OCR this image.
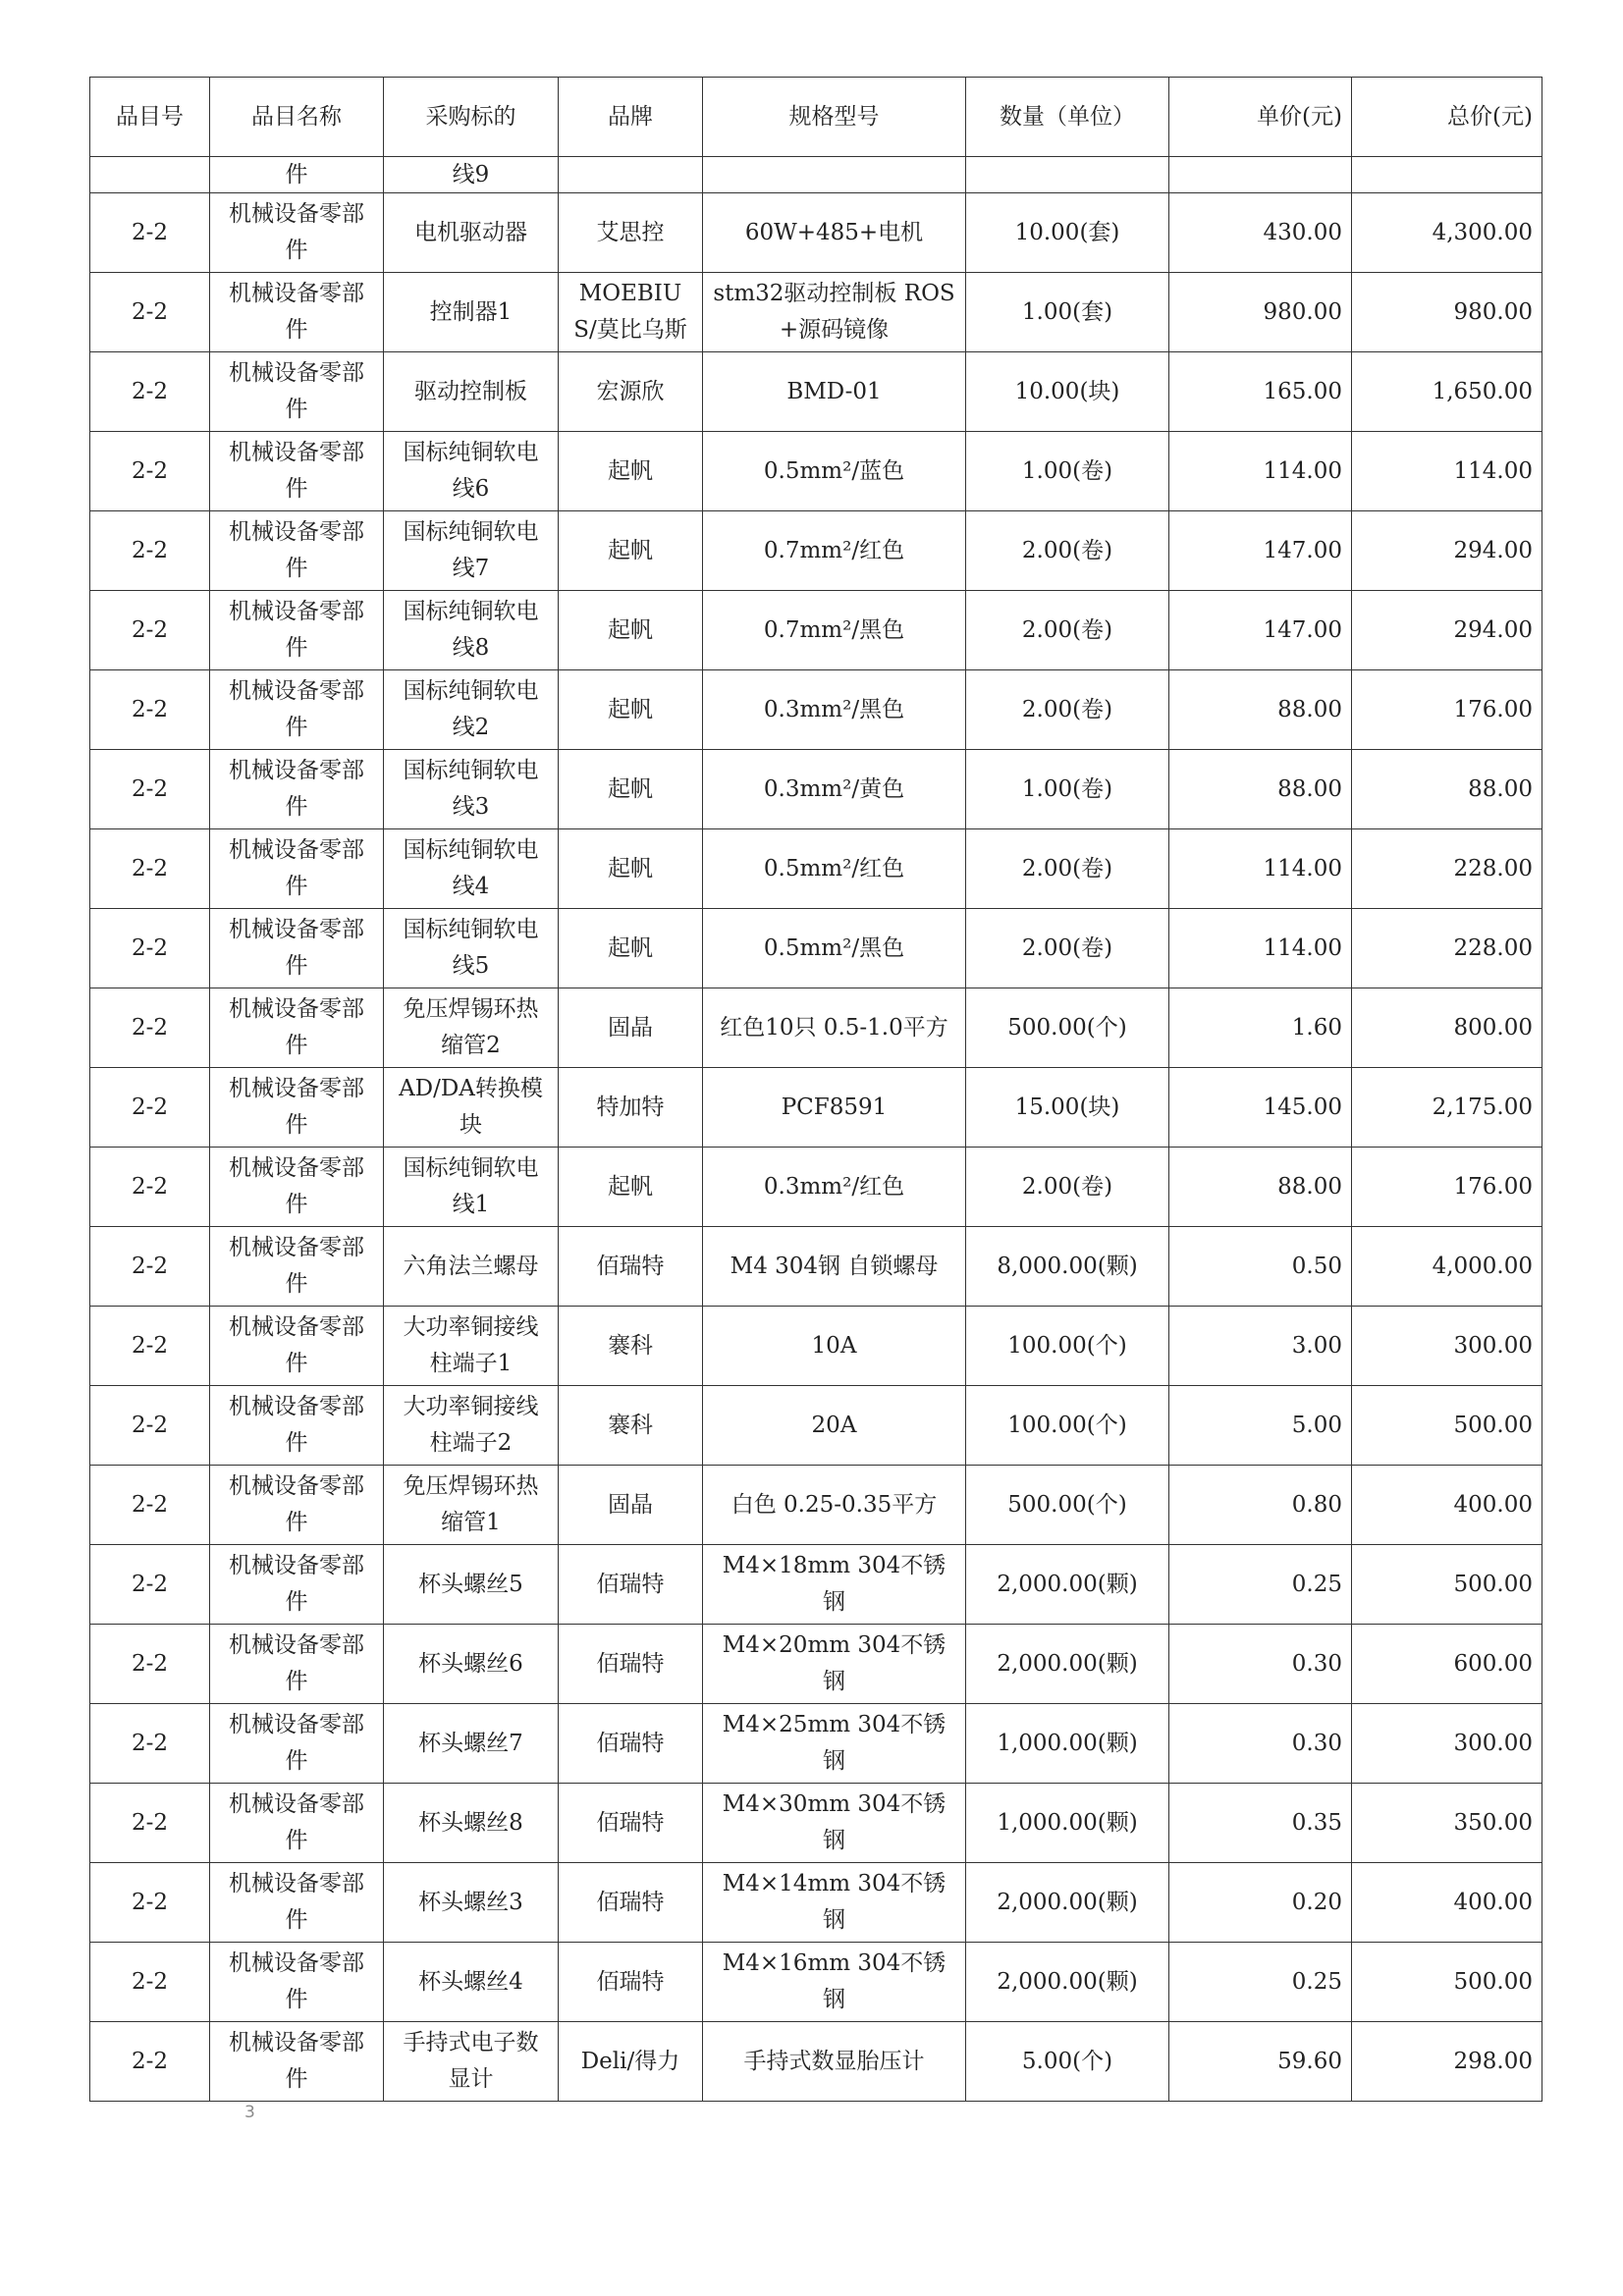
品目号	品目名称	采购标的	品牌	规格型号	数量（单位）	单价(元)	总价(元)
	件	线9					
2-2	机械设备零部件	电机驱动器	艾思控	60W+485+电机	10.00(套)	430.00	4,300.00
2-2	机械设备零部件	控制器1	MOEBIUS/莫比乌斯	stm32驱动控制板 ROS+源码镜像	1.00(套)	980.00	980.00
2-2	机械设备零部件	驱动控制板	宏源欣	BMD-01	10.00(块)	165.00	1,650.00
2-2	机械设备零部件	国标纯铜软电线6	起帆	0.5mm²/蓝色	1.00(卷)	114.00	114.00
2-2	机械设备零部件	国标纯铜软电线7	起帆	0.7mm²/红色	2.00(卷)	147.00	294.00
2-2	机械设备零部件	国标纯铜软电线8	起帆	0.7mm²/黑色	2.00(卷)	147.00	294.00
2-2	机械设备零部件	国标纯铜软电线2	起帆	0.3mm²/黑色	2.00(卷)	88.00	176.00
2-2	机械设备零部件	国标纯铜软电线3	起帆	0.3mm²/黄色	1.00(卷)	88.00	88.00
2-2	机械设备零部件	国标纯铜软电线4	起帆	0.5mm²/红色	2.00(卷)	114.00	228.00
2-2	机械设备零部件	国标纯铜软电线5	起帆	0.5mm²/黑色	2.00(卷)	114.00	228.00
2-2	机械设备零部件	免压焊锡环热缩管2	固晶	红色10只 0.5-1.0平方	500.00(个)	1.60	800.00
2-2	机械设备零部件	AD/DA转换模块	特加特	PCF8591	15.00(块)	145.00	2,175.00
2-2	机械设备零部件	国标纯铜软电线1	起帆	0.3mm²/红色	2.00(卷)	88.00	176.00
2-2	机械设备零部件	六角法兰螺母	佰瑞特	M4 304钢 自锁螺母	8,000.00(颗)	0.50	4,000.00
2-2	机械设备零部件	大功率铜接线柱端子1	褰科	10A	100.00(个)	3.00	300.00
2-2	机械设备零部件	大功率铜接线柱端子2	褰科	20A	100.00(个)	5.00	500.00
2-2	机械设备零部件	免压焊锡环热缩管1	固晶	白色 0.25-0.35平方	500.00(个)	0.80	400.00
2-2	机械设备零部件	杯头螺丝5	佰瑞特	M4×18mm 304不锈钢	2,000.00(颗)	0.25	500.00
2-2	机械设备零部件	杯头螺丝6	佰瑞特	M4×20mm 304不锈钢	2,000.00(颗)	0.30	600.00
2-2	机械设备零部件	杯头螺丝7	佰瑞特	M4×25mm 304不锈钢	1,000.00(颗)	0.30	300.00
2-2	机械设备零部件	杯头螺丝8	佰瑞特	M4×30mm 304不锈钢	1,000.00(颗)	0.35	350.00
2-2	机械设备零部件	杯头螺丝3	佰瑞特	M4×14mm 304不锈钢	2,000.00(颗)	0.20	400.00
2-2	机械设备零部件	杯头螺丝4	佰瑞特	M4×16mm 304不锈钢	2,000.00(颗)	0.25	500.00
2-2	机械设备零部件	手持式电子数显计	Deli/得力	手持式数显胎压计	5.00(个)	59.60	298.00
3
